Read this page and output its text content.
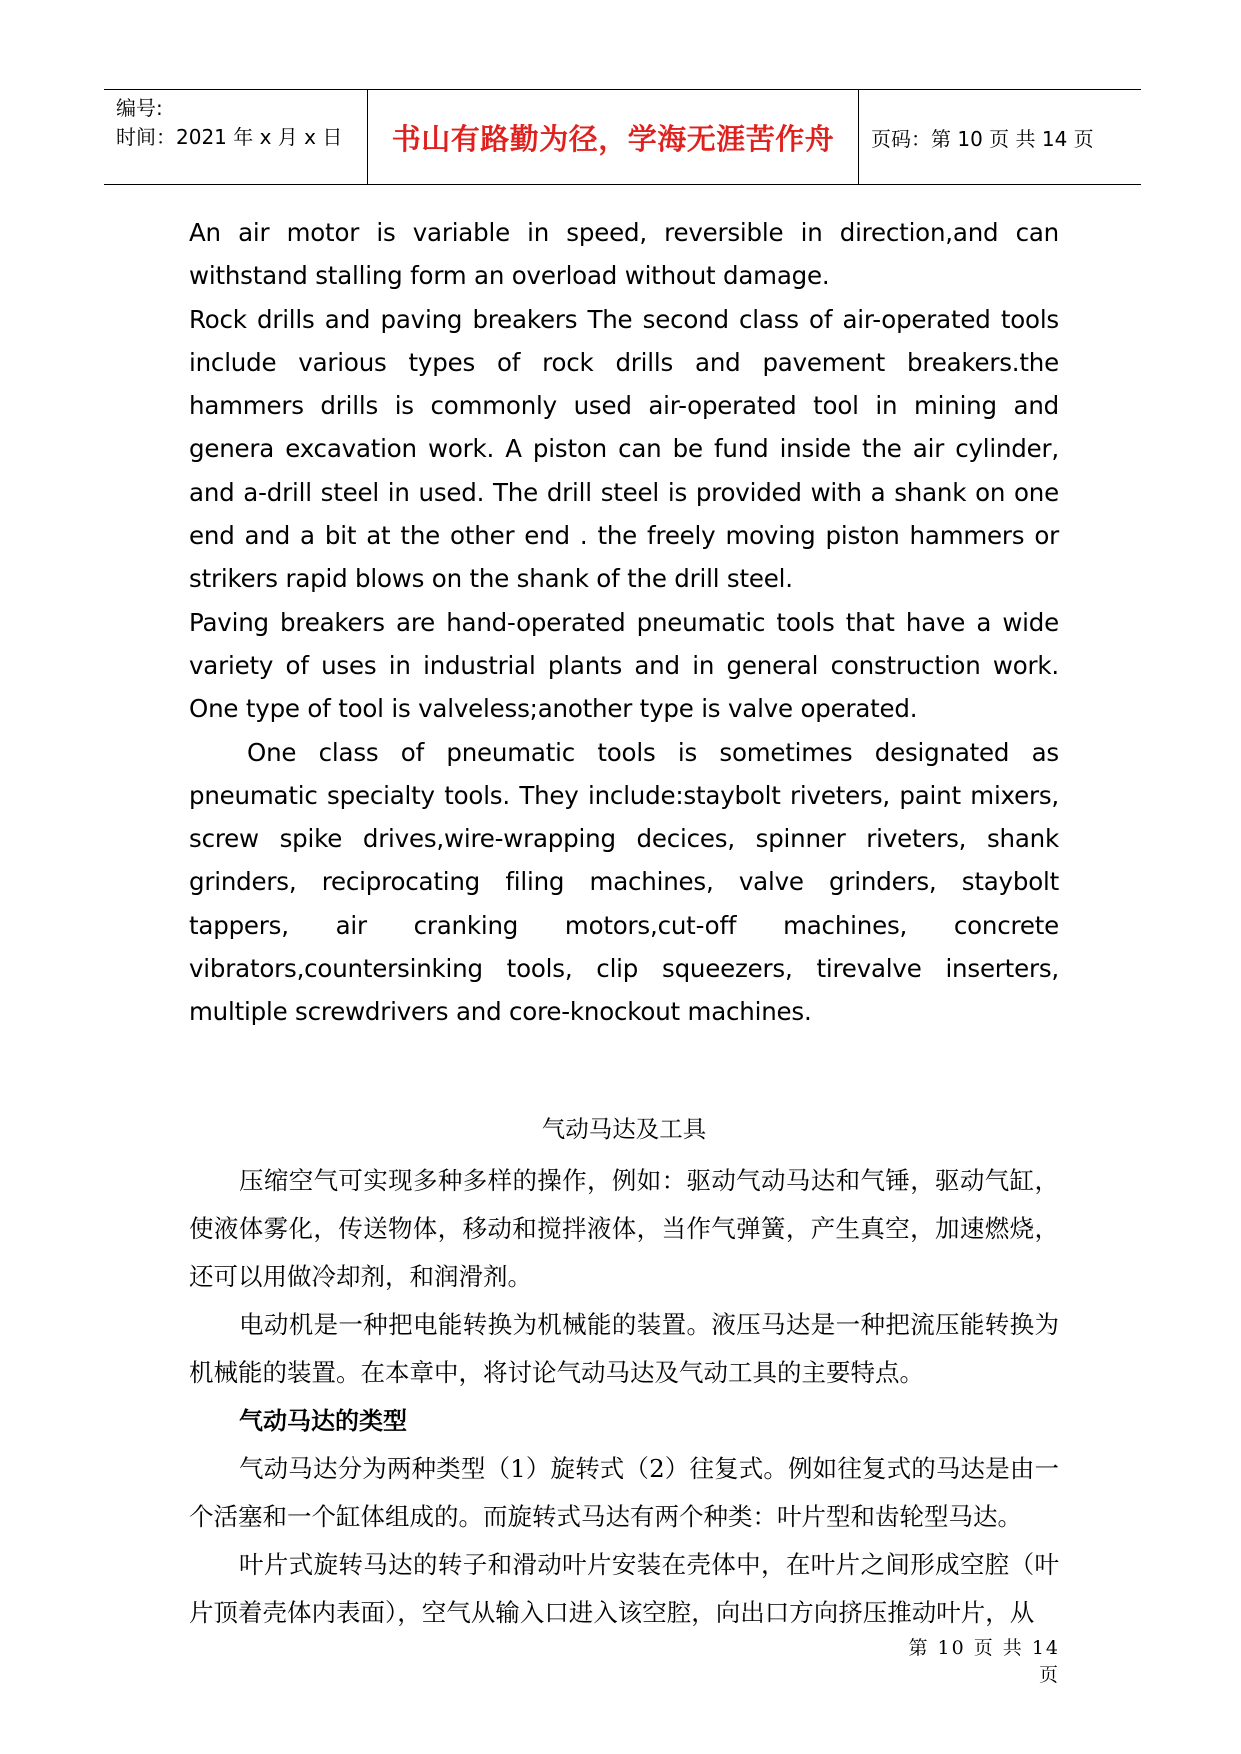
编号:
时间：2021 年 x 月 x 日	书山有路勤为径，学海无涯苦作舟	页码：第 10 页 共 14 页

An air motor is variable in speed, reversible in direction,and can withstand stalling form an overload without damage.

Rock drills and paving breakers The second class of air-operated tools include various types of rock drills and pavement breakers.the hammers drills is commonly used air-operated tool in mining and genera excavation work. A piston can be fund inside the air cylinder, and a-drill steel in used. The drill steel is provided with a shank on one end and a bit at the other end . the freely moving piston hammers or strikers rapid blows on the shank of the drill steel.

Paving breakers are hand-operated pneumatic tools that have a wide variety of uses in industrial plants and in general construction work. One type of tool is valveless;another type is valve operated.

One class of pneumatic tools is sometimes designated as pneumatic specialty tools. They include:staybolt riveters, paint mixers, screw spike drives,wire-wrapping decices, spinner riveters, shank grinders, reciprocating filing machines, valve grinders, staybolt tappers, air cranking motors,cut-off machines, concrete vibrators,countersinking tools, clip squeezers, tirevalve inserters, multiple screwdrivers and core-knockout machines.

气动马达及工具

压缩空气可实现多种多样的操作，例如：驱动气动马达和气锤，驱动气缸，使液体雾化，传送物体，移动和搅拌液体，当作气弹簧，产生真空，加速燃烧，还可以用做冷却剂，和润滑剂。

电动机是一种把电能转换为机械能的装置。液压马达是一种把流压能转换为机械能的装置。在本章中，将讨论气动马达及气动工具的主要特点。

气动马达的类型

气动马达分为两种类型（1）旋转式（2）往复式。例如往复式的马达是由一个活塞和一个缸体组成的。而旋转式马达有两个种类：叶片型和齿轮型马达。

叶片式旋转马达的转子和滑动叶片安装在壳体中，在叶片之间形成空腔（叶片顶着壳体内表面），空气从输入口进入该空腔，向出口方向挤压推动叶片，从

第 10 页 共 14 页
